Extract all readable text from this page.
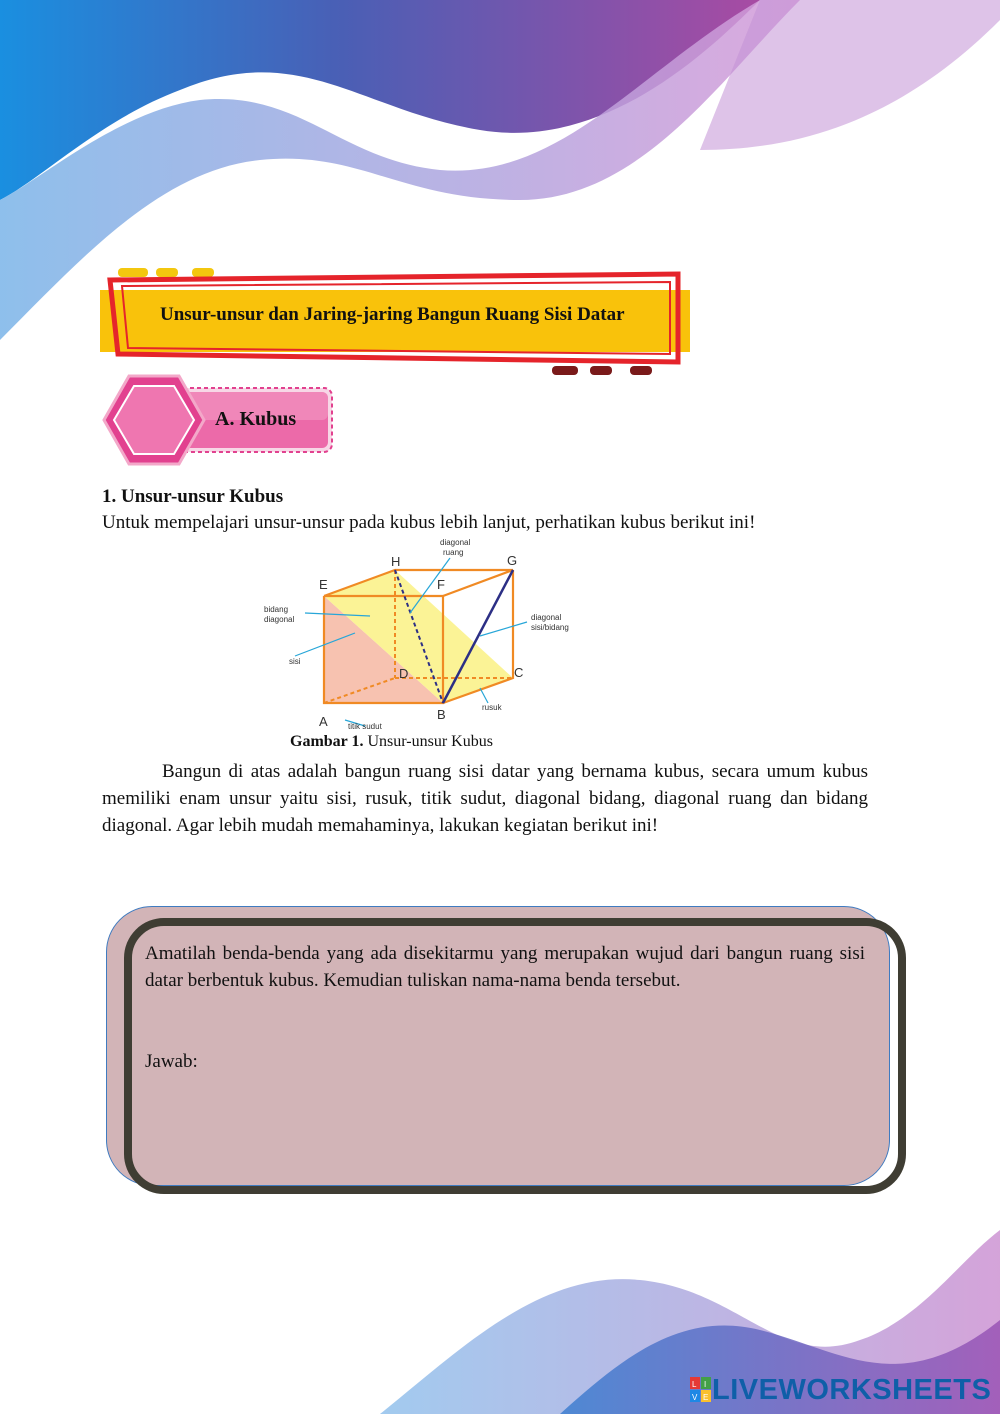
Unsur-unsur dan Jaring-jaring Bangun Ruang Sisi Datar
A. Kubus
1. Unsur-unsur Kubus
Untuk mempelajari unsur-unsur pada kubus lebih lanjut, perhatikan kubus berikut ini!
A	B
C
D
E	F
G
H
diagonal
ruang
bidang
diagonal
sisi
diagonal
sisi/bidang
rusuk
titik sudut
Gambar 1. Unsur-unsur Kubus
Bangun di atas adalah bangun ruang sisi datar yang bernama kubus, secara umum kubus memiliki enam unsur yaitu sisi, rusuk, titik sudut, diagonal bidang, diagonal ruang dan bidang diagonal. Agar lebih mudah memahaminya, lakukan kegiatan berikut ini!
Amatilah benda-benda yang ada disekitarmu yang merupakan wujud dari bangun ruang sisi datar berbentuk kubus. Kemudian tuliskan nama-nama benda tersebut.
Jawab:
L I
V E LIVEWORKSHEETS
